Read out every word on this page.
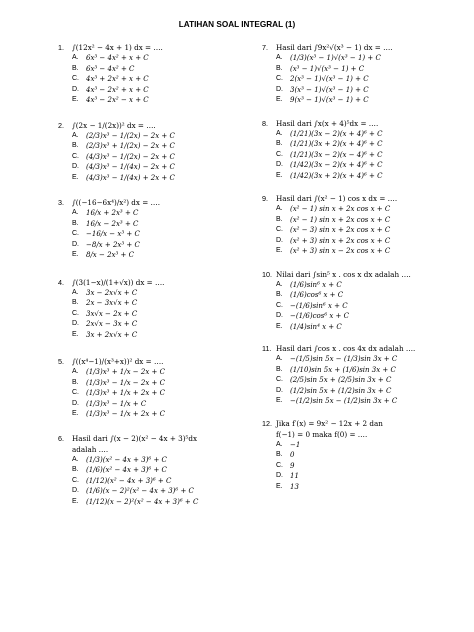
LATIHAN SOAL INTEGRAL (1)
1.	∫(12x² − 4x + 1) dx = ….
A.	6x³ − 4x² + x + C
B.	6x³ − 4x² + C
C.	4x³ + 2x² + x + C
D.	4x³ − 2x² + x + C
E.	4x³ − 2x² − x + C
2.	∫(2x − 1/(2x))² dx = ….
A.	(2/3)x³ − 1/(2x) − 2x + C
B.	(2/3)x³ + 1/(2x) − 2x + C
C.	(4/3)x³ − 1/(2x) − 2x + C
D.	(4/3)x³ − 1/(4x) − 2x + C
E.	(4/3)x³ − 1/(4x) + 2x + C
3.	∫((−16−6x⁴)/x²) dx = ….
A.	16/x + 2x³ + C
B.	16/x − 2x³ + C
C.	−16/x − x³ + C
D.	−8/x + 2x³ + C
E.	8/x − 2x³ + C
4.	∫(3(1−x)/(1+√x)) dx = ….
A.	3x − 2x√x + C
B.	2x − 3x√x + C
C.	3x√x − 2x + C
D.	2x√x − 3x + C
E.	3x + 2x√x + C
5.	∫((x⁴−1)/(x³+x))² dx = ….
A.	(1/3)x³ + 1/x − 2x + C
B.	(1/3)x³ − 1/x − 2x + C
C.	(1/3)x³ + 1/x + 2x + C
D.	(1/3)x³ − 1/x + C
E.	(1/3)x³ − 1/x + 2x + C
6.	Hasil dari ∫(x − 2)(x² − 4x + 3)⁵dx
adalah ….
A.	(1/3)(x² − 4x + 3)⁶ + C
B.	(1/6)(x² − 4x + 3)⁶ + C
C.	(1/12)(x² − 4x + 3)⁶ + C
D.	(1/6)(x − 2)²(x² − 4x + 3)⁶ + C
E.	(1/12)(x − 2)²(x² − 4x + 3)⁶ + C
7.	Hasil dari ∫9x²√(x³ − 1) dx = ….
A.	(1/3)(x³ − 1)√(x³ − 1) + C
B.	(x³ − 1)√(x³ − 1) + C
C.	2(x³ − 1)√(x³ − 1) + C
D.	3(x³ − 1)√(x³ − 1) + C
E.	9(x³ − 1)√(x³ − 1) + C
8.	Hasil dari ∫x(x + 4)⁵dx = ….
A.	(1/21)(3x − 2)(x + 4)⁶ + C
B.	(1/21)(3x + 2)(x + 4)⁶ + C
C.	(1/21)(3x − 2)(x − 4)⁶ + C
D.	(1/42)(3x − 2)(x + 4)⁶ + C
E.	(1/42)(3x + 2)(x + 4)⁶ + C
9.	Hasil dari ∫(x² − 1) cos x dx = ….
A.	(x² − 1) sin x + 2x cos x + C
B.	(x² − 1) sin x + 2x cos x + C
C.	(x² − 3) sin x + 2x cos x + C
D.	(x² + 3) sin x + 2x cos x + C
E.	(x² + 3) sin x − 2x cos x + C
10. Nilai dari ∫sin⁵ x . cos x dx adalah ….
A.	(1/6)sin⁶ x + C
B.	(1/6)cos⁶ x + C
C.	−(1/6)sin⁶ x + C
D.	−(1/6)cos⁶ x + C
E.	(1/4)sin⁴ x + C
11. Hasil dari ∫cos x . cos 4x dx adalah ….
A.	−(1/5)sin 5x − (1/3)sin 3x + C
B.	(1/10)sin 5x + (1/6)sin 3x + C
C.	(2/5)sin 5x + (2/5)sin 3x + C
D.	(1/2)sin 5x + (1/2)sin 3x + C
E.	−(1/2)sin 5x − (1/2)sin 3x + C
12. Jika f′(x) = 9x² − 12x + 2 dan
f(−1) = 0 maka f(0) = ….
A.	−1
B.	0
C.	9
D.	11
E.	13
